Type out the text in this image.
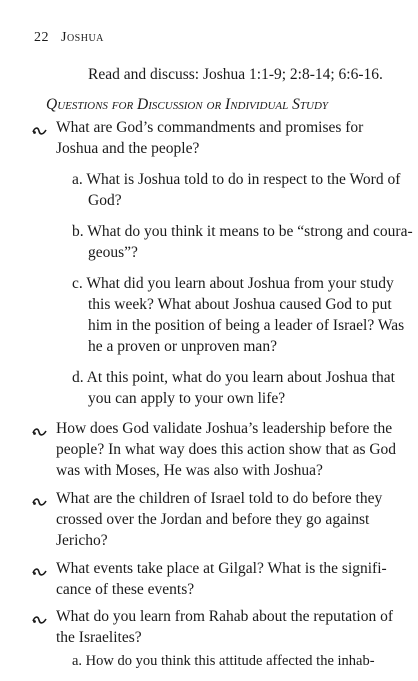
22 Joshua
Read and discuss: Joshua 1:1-9; 2:8-14; 6:6-16.
Questions for Discussion or Individual Study
What are God’s commandments and promises for
Joshua and the people?
a. What is Joshua told to do in respect to the Word of
God?
b. What do you think it means to be “strong and coura-
geous”?
c. What did you learn about Joshua from your study
this week? What about Joshua caused God to put
him in the position of being a leader of Israel? Was
he a proven or unproven man?
d. At this point, what do you learn about Joshua that
you can apply to your own life?
How does God validate Joshua’s leadership before the
people? In what way does this action show that as God
was with Moses, He was also with Joshua?
What are the children of Israel told to do before they
crossed over the Jordan and before they go against
Jericho?
What events take place at Gilgal? What is the signifi-
cance of these events?
What do you learn from Rahab about the reputation of
the Israelites?
a. How do you think this attitude affected the inhab-
